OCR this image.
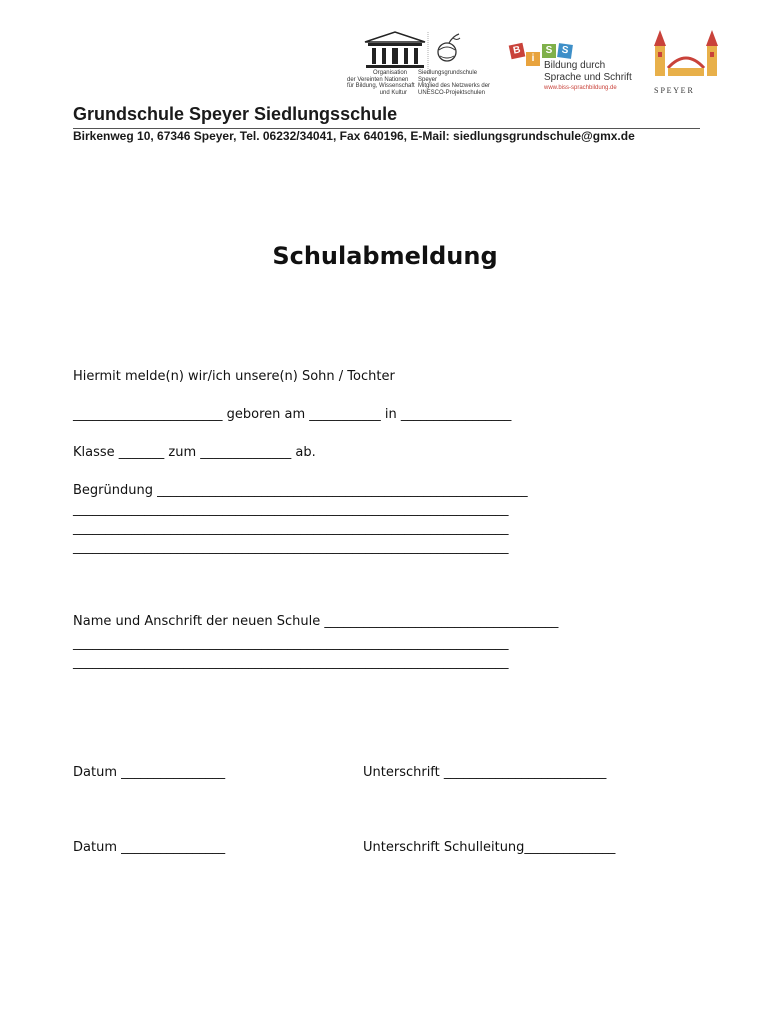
Organisation
der Vereinten Nationen
für Bildung, Wissenschaft
und Kultur

Siedlungsgrundschule
Speyer
Mitglied des Netzwerks der
UNESCO-Projektschulen

B

i

S

S

Bildung durch

Sprache und Schrift

www.biss-sprachbildung.de

	S P E Y E R

Grundschule Speyer Siedlungsschule
Birkenweg 10, 67346 Speyer, Tel. 06232/34041, Fax 640196, E-Mail: siedlungsgrundschule@gmx.de
Schulabmeldung
Hiermit melde(n) wir/ich unsere(n) Sohn / Tochter
_______________________ geboren am ___________ in _________________
Klasse _______ zum ______________ ab.
Begründung _________________________________________________________
___________________________________________________________________
___________________________________________________________________
___________________________________________________________________
Name und Anschrift der neuen Schule ____________________________________
___________________________________________________________________
___________________________________________________________________
Datum ________________	Unterschrift _________________________
Datum ________________	Unterschrift Schulleitung______________
